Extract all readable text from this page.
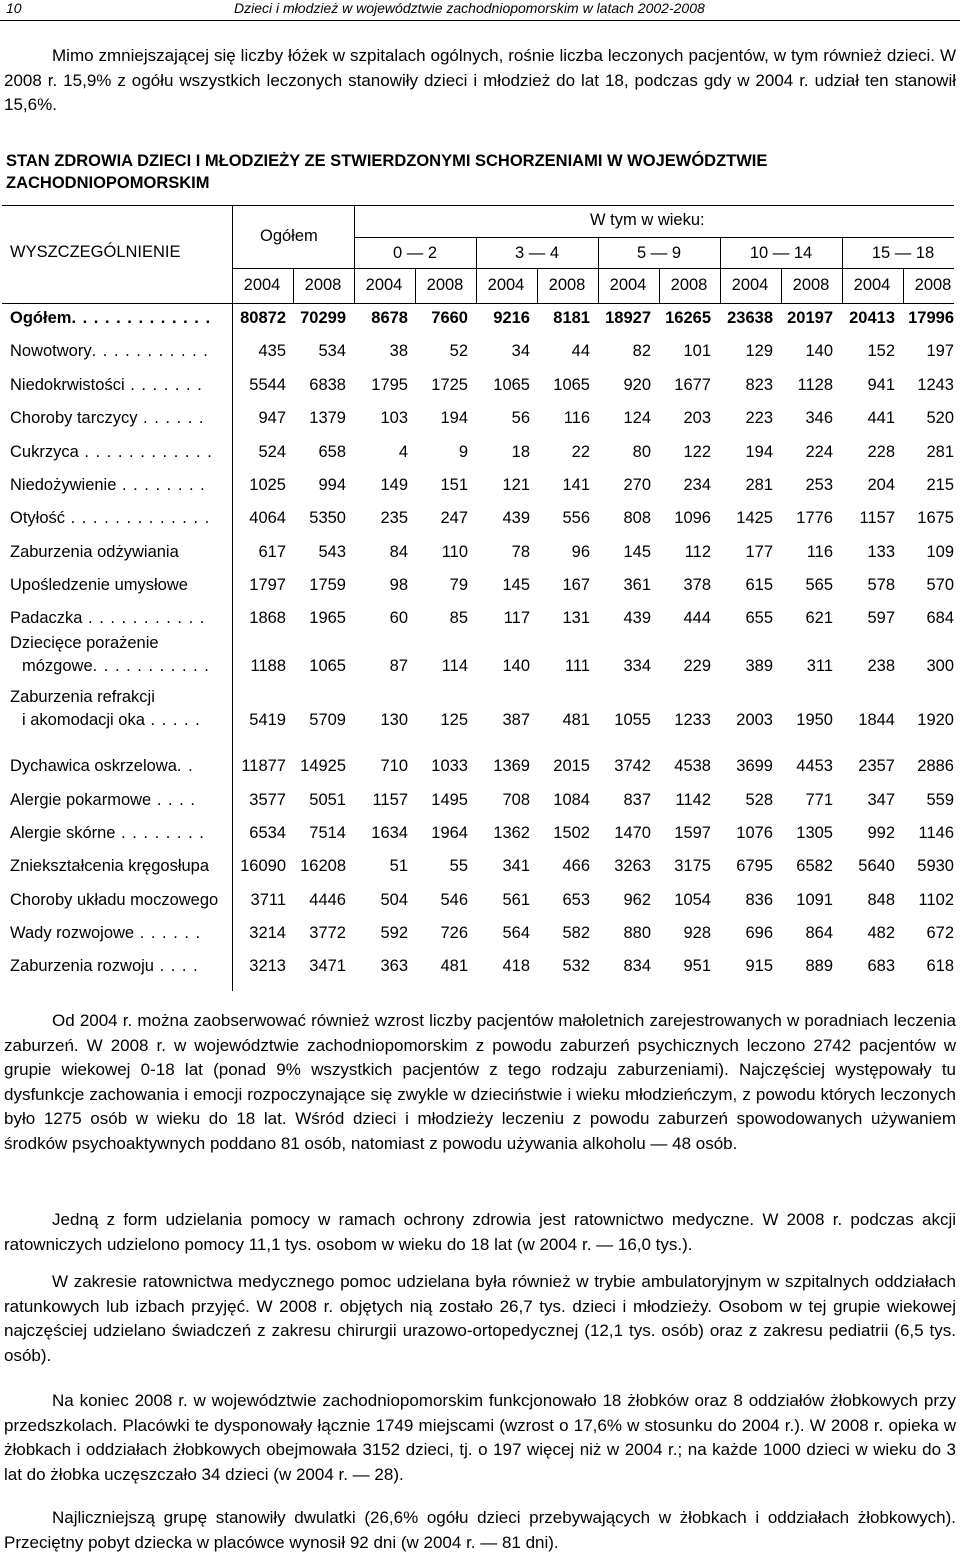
10	Dzieci i młodzież w województwie zachodniopomorskim w latach 2002-2008
Mimo zmniejszającej się liczby łóżek w szpitalach ogólnych, rośnie liczba leczonych pacjentów, w tym również dzieci. W 2008 r. 15,9% z ogółu wszystkich leczonych stanowiły dzieci i młodzież do lat 18, podczas gdy w 2004 r. udział ten stanowił 15,6%.
STAN ZDROWIA DZIECI I MŁODZIEŻY ZE STWIERDZONYMI SCHORZENIAMI W WOJEWÓDZTWIE ZACHODNIOPOMORSKIM
WYSZCZEGÓLNIENIE
Ogółem
W tym w wieku:
0 — 2	3 — 4	5 — 9	10 — 14	15 — 18
2004	2008	2004	2008	2004	2008	2004	2008	2004	2008	2004	2008
Ogółem. . . . . . . . . . . . .	80872 70299	8678	7660	9216	8181 18927 16265 23638 20197 20413 17996
Nowotwory. . . . . . . . . . .	435	534	38	52	34	44	82	101	129	140	152	197
Niedokrwistości . . . . . . .	5544	6838	1795	1725	1065	1065	920	1677	823	1128	941	1243
Choroby tarczycy . . . . . .	947	1379	103	194	56	116	124	203	223	346	441	520
Cukrzyca . . . . . . . . . . . .	524	658	4	9	18	22	80	122	194	224	228	281
Niedożywienie . . . . . . . .	1025	994	149	151	121	141	270	234	281	253	204	215
Otyłość . . . . . . . . . . . . .	4064	5350	235	247	439	556	808	1096	1425	1776	1157	1675
Zaburzenia odżywiania	617	543	84	110	78	96	145	112	177	116	133	109
Upośledzenie umysłowe	1797	1759	98	79	145	167	361	378	615	565	578	570
Padaczka . . . . . . . . . . .	1868	1965	60	85	117	131	439	444	655	621	597	684
Dziecięce porażenie
mózgowe. . . . . . . . . . .	1188	1065	87	114	140	111	334	229	389	311	238	300
Zaburzenia refrakcji
i akomodacji oka . . . . .	5419	5709	130	125	387	481	1055	1233	2003	1950	1844	1920
Dychawica oskrzelowa. .	11877 14925	710	1033	1369	2015	3742	4538	3699	4453	2357	2886
Alergie pokarmowe . . . .	3577	5051	1157	1495	708	1084	837	1142	528	771	347	559
Alergie skórne . . . . . . . .	6534	7514	1634	1964	1362	1502	1470	1597	1076	1305	992	1146
Zniekształcenia kręgosłupa	16090 16208	51	55	341	466	3263	3175	6795	6582	5640	5930
Choroby układu moczowego	3711	4446	504	546	561	653	962	1054	836	1091	848	1102
Wady rozwojowe . . . . . .	3214	3772	592	726	564	582	880	928	696	864	482	672
Zaburzenia rozwoju . . . .	3213	3471	363	481	418	532	834	951	915	889	683	618
Od 2004 r. można zaobserwować również wzrost liczby pacjentów małoletnich zarejestrowanych w poradniach leczenia zaburzeń. W 2008 r. w województwie zachodniopomorskim z powodu zaburzeń psychicznych leczono 2742 pacjentów w grupie wiekowej 0-18 lat (ponad 9% wszystkich pacjentów z tego rodzaju zaburzeniami). Najczęściej występowały tu dysfunkcje zachowania i emocji rozpoczynające się zwykle w dzieciństwie i wieku młodzieńczym, z powodu których leczonych było 1275 osób w wieku do 18 lat. Wśród dzieci i młodzieży leczeniu z powodu zaburzeń spowodowanych używaniem środków psychoaktywnych poddano 81 osób, natomiast z powodu używania alkoholu — 48 osób.
Jedną z form udzielania pomocy w ramach ochrony zdrowia jest ratownictwo medyczne. W 2008 r. podczas akcji ratowniczych udzielono pomocy 11,1 tys. osobom w wieku do 18 lat (w 2004 r. — 16,0 tys.).
W zakresie ratownictwa medycznego pomoc udzielana była również w trybie ambulatoryjnym w szpitalnych oddziałach ratunkowych lub izbach przyjęć. W 2008 r. objętych nią zostało 26,7 tys. dzieci i młodzieży. Osobom w tej grupie wiekowej najczęściej udzielano świadczeń z zakresu chirurgii urazowo-ortopedycznej (12,1 tys. osób) oraz z zakresu pediatrii (6,5 tys. osób).
Na koniec 2008 r. w województwie zachodniopomorskim funkcjonowało 18 żłobków oraz 8 oddziałów żłobkowych przy przedszkolach. Placówki te dysponowały łącznie 1749 miejscami (wzrost o 17,6% w stosunku do 2004 r.). W 2008 r. opieka w żłobkach i oddziałach żłobkowych obejmowała 3152 dzieci, tj. o 197 więcej niż w 2004 r.; na każde 1000 dzieci w wieku do 3 lat do żłobka uczęszczało 34 dzieci (w 2004 r. — 28).
Najliczniejszą grupę stanowiły dwulatki (26,6% ogółu dzieci przebywających w żłobkach i oddziałach żłobkowych). Przeciętny pobyt dziecka w placówce wynosił 92 dni (w 2004 r. — 81 dni).
